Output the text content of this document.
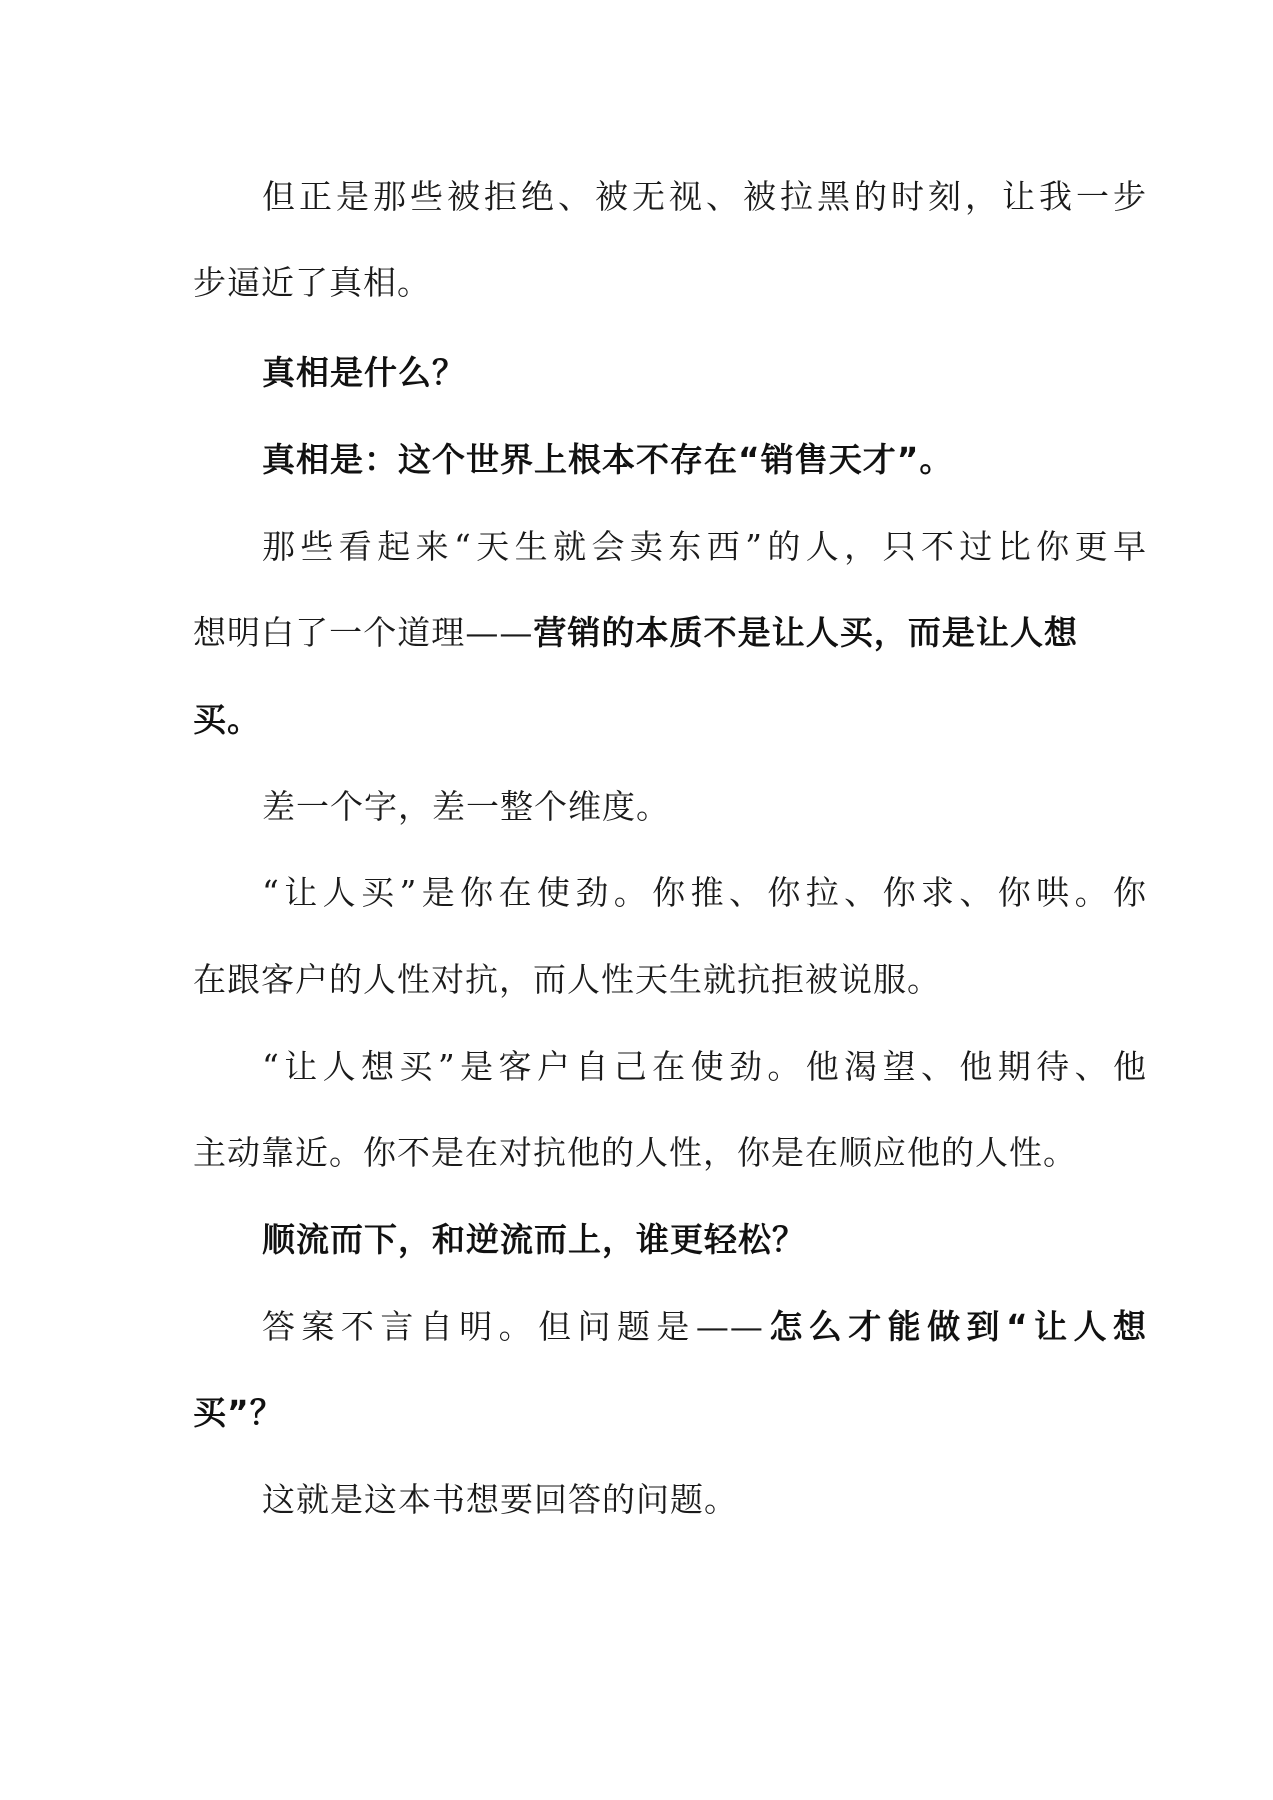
但正是那些被拒绝、被无视、被拉黑的时刻，让我一步
步逼近了真相。
真相是什么？
真相是：这个世界上根本不存在“销售天才”。
那些看起来“天生就会卖东西”的人，只不过比你更早
想明白了一个道理——营销的本质不是让人买，而是让人想
买。
差一个字，差一整个维度。
“让人买”是你在使劲。你推、你拉、你求、你哄。你
在跟客户的人性对抗，而人性天生就抗拒被说服。
“让人想买”是客户自己在使劲。他渴望、他期待、他
主动靠近。你不是在对抗他的人性，你是在顺应他的人性。
顺流而下，和逆流而上，谁更轻松？
答案不言自明。但问题是——怎么才能做到“让人想
买”？
这就是这本书想要回答的问题。
